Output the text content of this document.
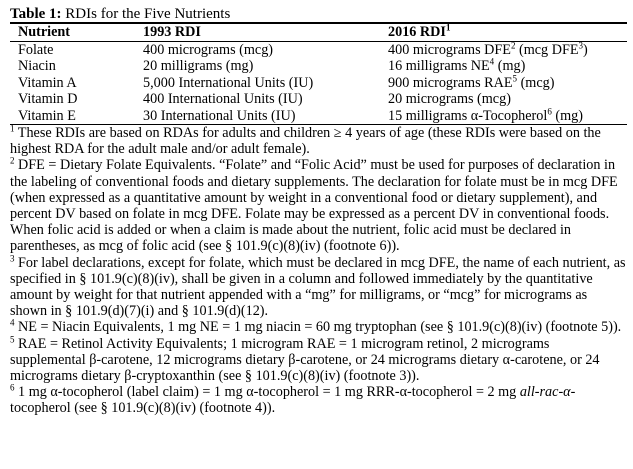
Table 1: RDIs for the Five Nutrients
Nutrient	1993 RDI	2016 RDI$^1$
Folate	400 micrograms (mcg)	400 micrograms DFE$^2$ (mcg DFE$^3$)
Niacin	20 milligrams (mg)	16 milligrams $NE^4$ (mg)
Vitamin A	5,000 International Units (IU)	900 micrograms RAE$^5$ (mcg)
Vitamin D	400 International Units (IU)	20 micrograms (mcg)
Vitamin E	30 International Units (IU)	15 milligrams α-Tocopherol$^6$ (mg)
$^1$ These RDIs are based on RDAs for adults and children ≥ 4 years of age (these RDIs were based on the highest RDA for the adult male and/or adult female).
$^2$ DFE = Dietary Folate Equivalents. “Folate” and “Folic Acid” must be used for purposes of declaration in the labeling of conventional foods and dietary supplements. The declaration for folate must be in mcg DFE (when expressed as a quantitative amount by weight in a conventional food or dietary supplement), and percent DV based on folate in mcg DFE. Folate may be expressed as a percent DV in conventional foods. When folic acid is added or when a claim is made about the nutrient, folic acid must be declared in parentheses, as mcg of folic acid (see § 101.9(c)(8)(iv) (footnote 6)).
$^3$ For label declarations, except for folate, which must be declared in mcg DFE, the name of each nutrient, as specified in § 101.9(c)(8)(iv), shall be given in a column and followed immediately by the quantitative amount by weight for that nutrient appended with a “mg” for milligrams, or “mcg” for micrograms as shown in § 101.9(d)(7)(i) and § 101.9(d)(12).
$^4$ NE = Niacin Equivalents, 1 mg NE = 1 mg niacin = 60 mg tryptophan (see § 101.9(c)(8)(iv) (footnote 5)).
$^5$ RAE = Retinol Activity Equivalents; 1 microgram RAE = 1 microgram retinol, 2 micrograms supplemental β-carotene, 12 micrograms dietary β-carotene, or 24 micrograms dietary α-carotene, or 24 micrograms dietary β-cryptoxanthin (see § 101.9(c)(8)(iv) (footnote 3)).
$^6$ 1 mg α-tocopherol (label claim) = 1 mg α-tocopherol = 1 mg RRR-α-tocopherol = 2 mg all-rac-α-tocopherol (see § 101.9(c)(8)(iv) (footnote 4)).
